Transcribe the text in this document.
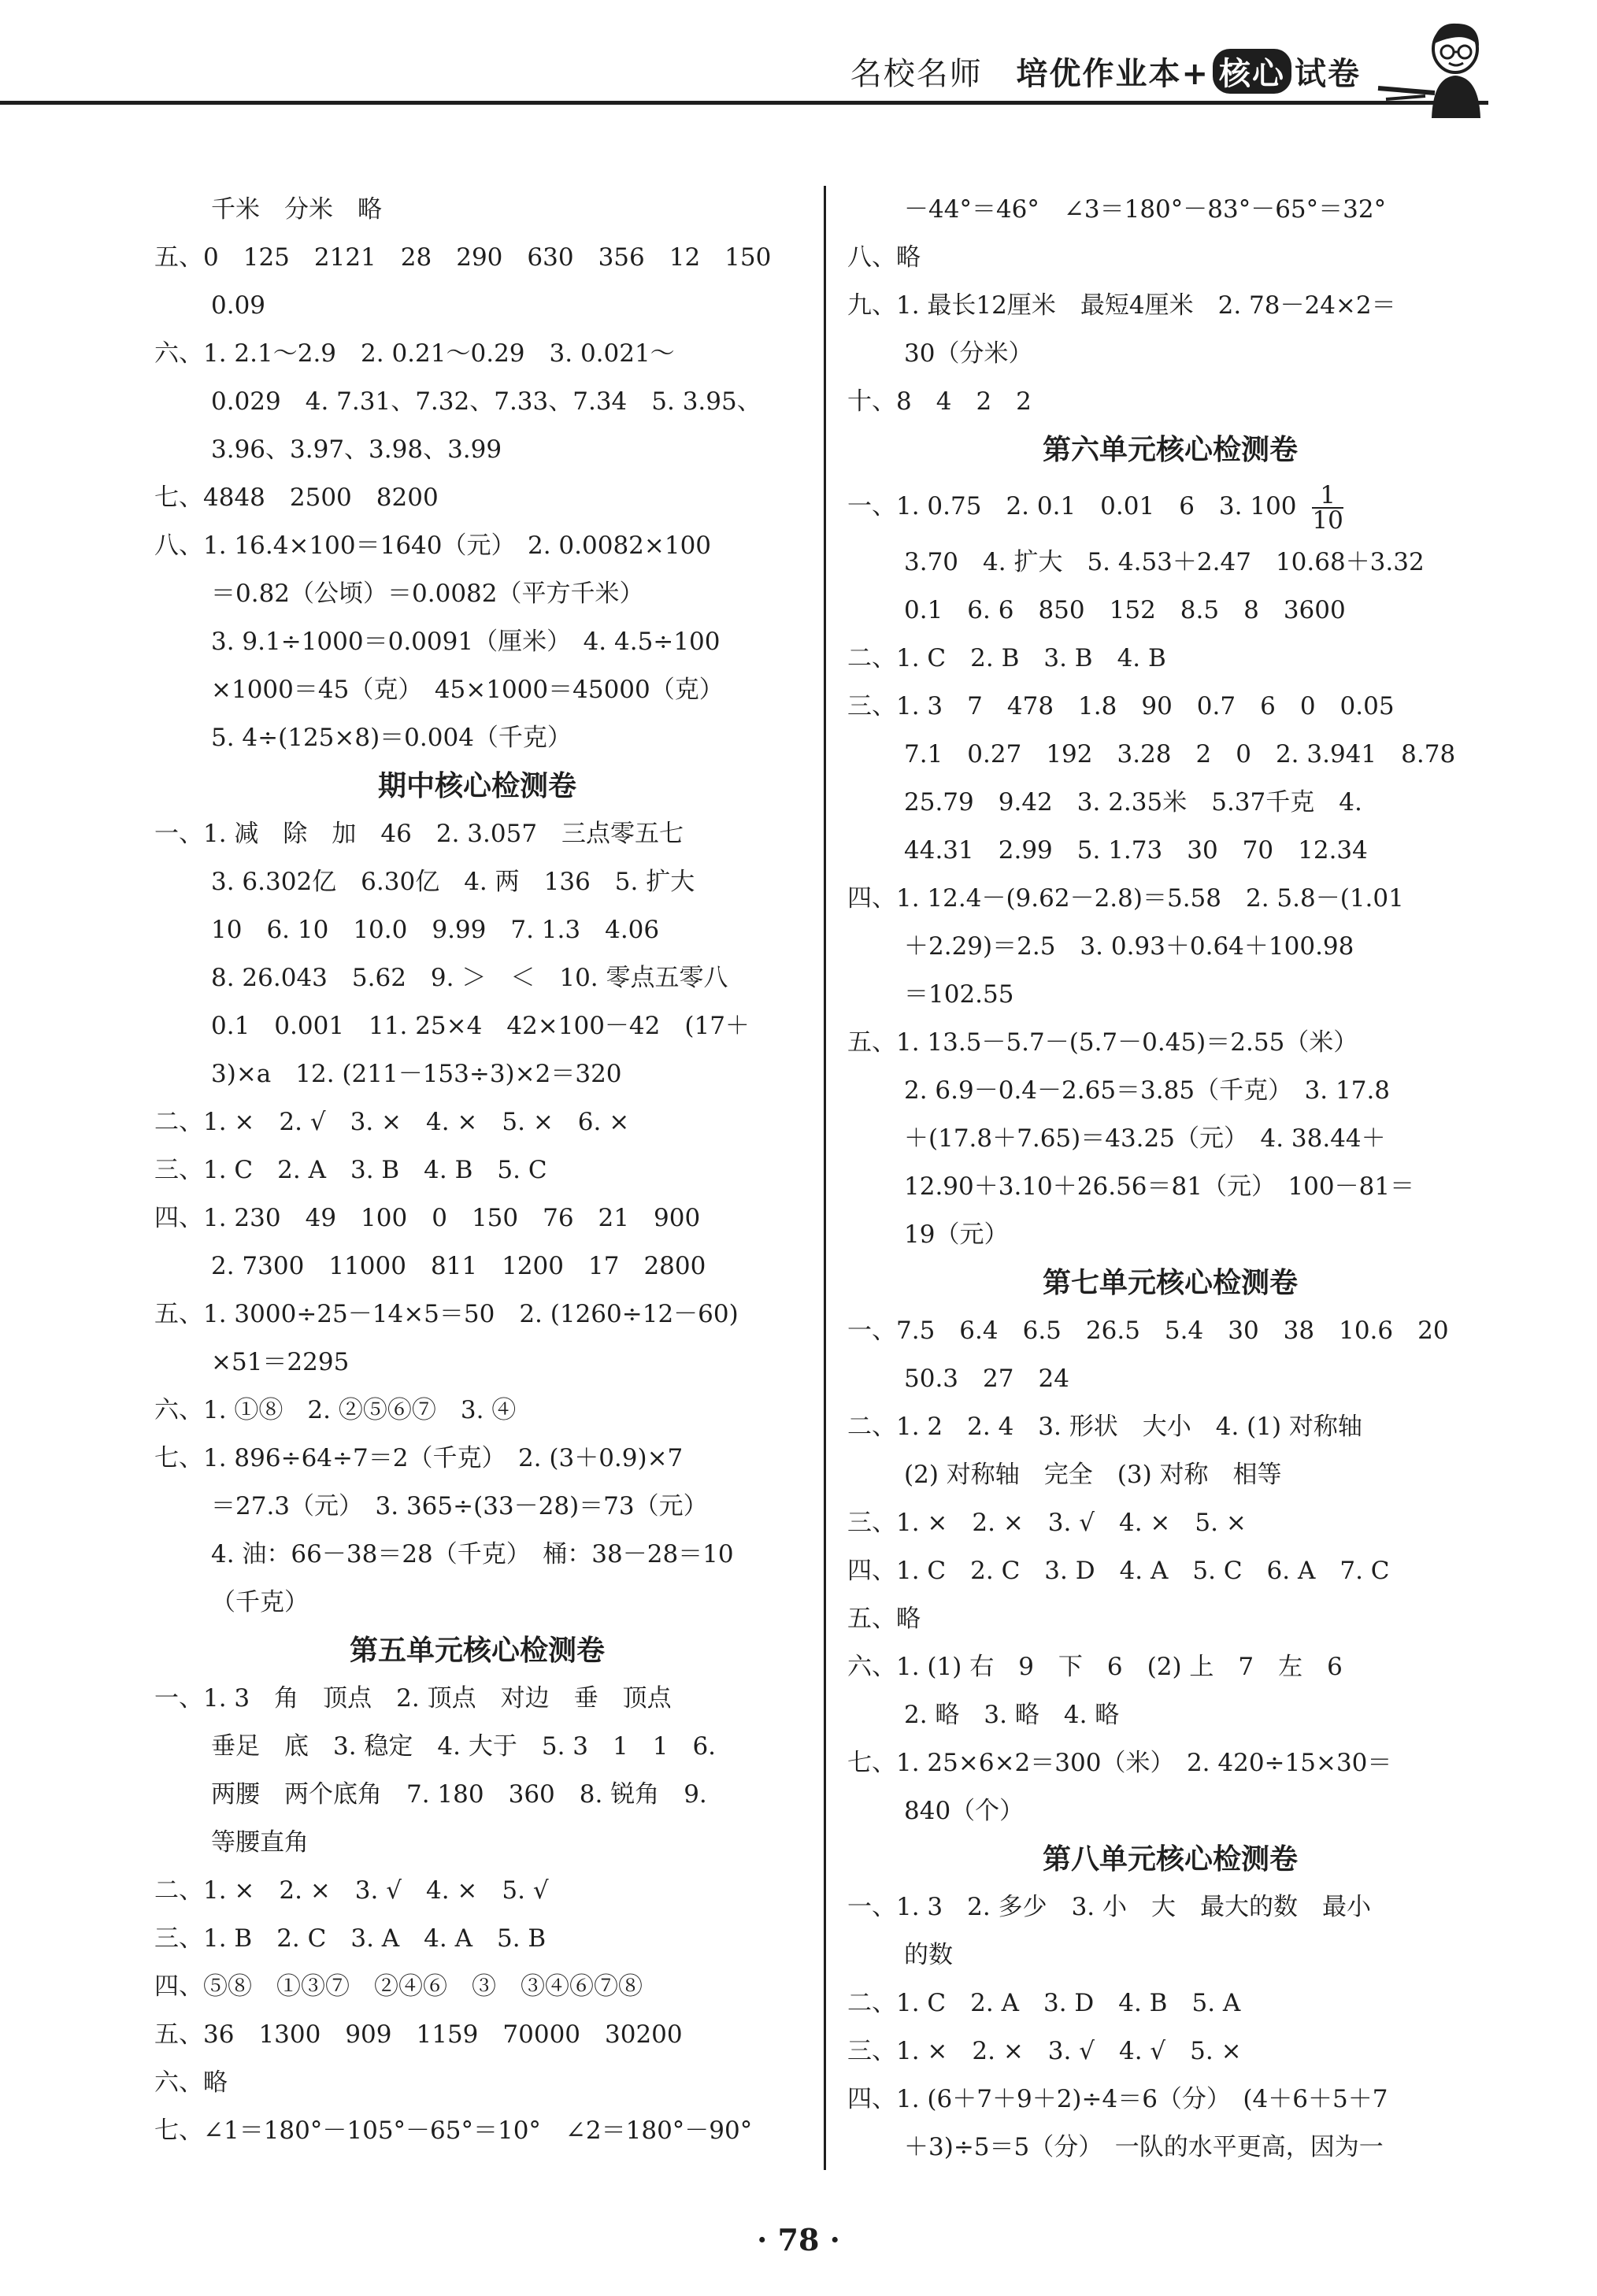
名校名师 培优作业本+ 核心 试卷
千米　分米　略
五、0　125　2121　28　290　630　356　12　150
0.09
六、1. 2.1～2.9　2. 0.21～0.29　3. 0.021～
0.029　4. 7.31、7.32、7.33、7.34　5. 3.95、
3.96、3.97、3.98、3.99
七、4848　2500　8200
八、1. 16.4×100＝1640（元）　2. 0.0082×100
＝0.82（公顷）＝0.0082（平方千米）
3. 9.1÷1000＝0.0091（厘米）　4. 4.5÷100
×1000＝45（克）　45×1000＝45000（克）
5. 4÷(125×8)＝0.004（千克）
期中核心检测卷
一、1. 减　除　加　46　2. 3.057　三点零五七
3. 6.302亿　6.30亿　4. 两　136　5. 扩大
10　6. 10　10.0　9.99　7. 1.3　4.06
8. 26.043　5.62　9. ＞　＜　10. 零点五零八
0.1　0.001　11. 25×4　42×100－42　(17＋
3)×a　12. (211－153÷3)×2＝320
二、1. ×　2. √　3. ×　4. ×　5. ×　6. ×
三、1. C　2. A　3. B　4. B　5. C
四、1. 230　49　100　0　150　76　21　900
2. 7300　11000　811　1200　17　2800
五、1. 3000÷25－14×5＝50　2. (1260÷12－60)
×51＝2295
六、1. ①⑧　2. ②⑤⑥⑦　3. ④
七、1. 896÷64÷7＝2（千克）　2. (3＋0.9)×7
＝27.3（元）　3. 365÷(33－28)＝73（元）
4. 油：66－38＝28（千克）　桶：38－28＝10
（千克）
第五单元核心检测卷
一、1. 3　角　顶点　2. 顶点　对边　垂　顶点
垂足　底　3. 稳定　4. 大于　5. 3　1　1　6.
两腰　两个底角　7. 180　360　8. 锐角　9.
等腰直角
二、1. ×　2. ×　3. √　4. ×　5. √
三、1. B　2. C　3. A　4. A　5. B
四、⑤⑧　①③⑦　②④⑥　③　③④⑥⑦⑧
五、36　1300　909　1159　70000　30200
六、略
七、∠1＝180°－105°－65°＝10°　∠2＝180°－90°
－44°＝46°　∠3＝180°－83°－65°＝32°
八、略
九、1. 最长12厘米　最短4厘米　2. 78－24×2＝
30（分米）
十、8　4　2　2
第六单元核心检测卷
一、1. 0.75　2. 0.1　0.01　6　3. $100 \frac{1}{10}$
3.70　4. 扩大　5. 4.53＋2.47　10.68＋3.32
0.1　6. 6　850　152　8.5　8　3600
二、1. C　2. B　3. B　4. B
三、1. 3　7　478　1.8　90　0.7　6　0　0.05
7.1　0.27　192　3.28　2　0　2. 3.941　8.78
25.79　9.42　3. 2.35米　5.37千克　4.
44.31　2.99　5. 1.73　30　70　12.34
四、1. 12.4－(9.62－2.8)＝5.58　2. 5.8－(1.01
＋2.29)＝2.5　3. 0.93＋0.64＋100.98
＝102.55
五、1. 13.5－5.7－(5.7－0.45)＝2.55（米）
2. 6.9－0.4－2.65＝3.85（千克）　3. 17.8
＋(17.8＋7.65)＝43.25（元）　4. 38.44＋
12.90＋3.10＋26.56＝81（元）　100－81＝
19（元）
第七单元核心检测卷
一、7.5　6.4　6.5　26.5　5.4　30　38　10.6　20
50.3　27　24
二、1. 2　2. 4　3. 形状　大小　4. (1) 对称轴
(2) 对称轴　完全　(3) 对称　相等
三、1. ×　2. ×　3. √　4. ×　5. ×
四、1. C　2. C　3. D　4. A　5. C　6. A　7. C
五、略
六、1. (1) 右　9　下　6　(2) 上　7　左　6
2. 略　3. 略　4. 略
七、1. 25×6×2＝300（米）　2. 420÷15×30＝
840（个）
第八单元核心检测卷
一、1. 3　2. 多少　3. 小　大　最大的数　最小
的数
二、1. C　2. A　3. D　4. B　5. A
三、1. ×　2. ×　3. √　4. √　5. ×
四、1. (6＋7＋9＋2)÷4＝6（分）　(4＋6＋5＋7
＋3)÷5＝5（分）　一队的水平更高，因为一
· 78 ·
